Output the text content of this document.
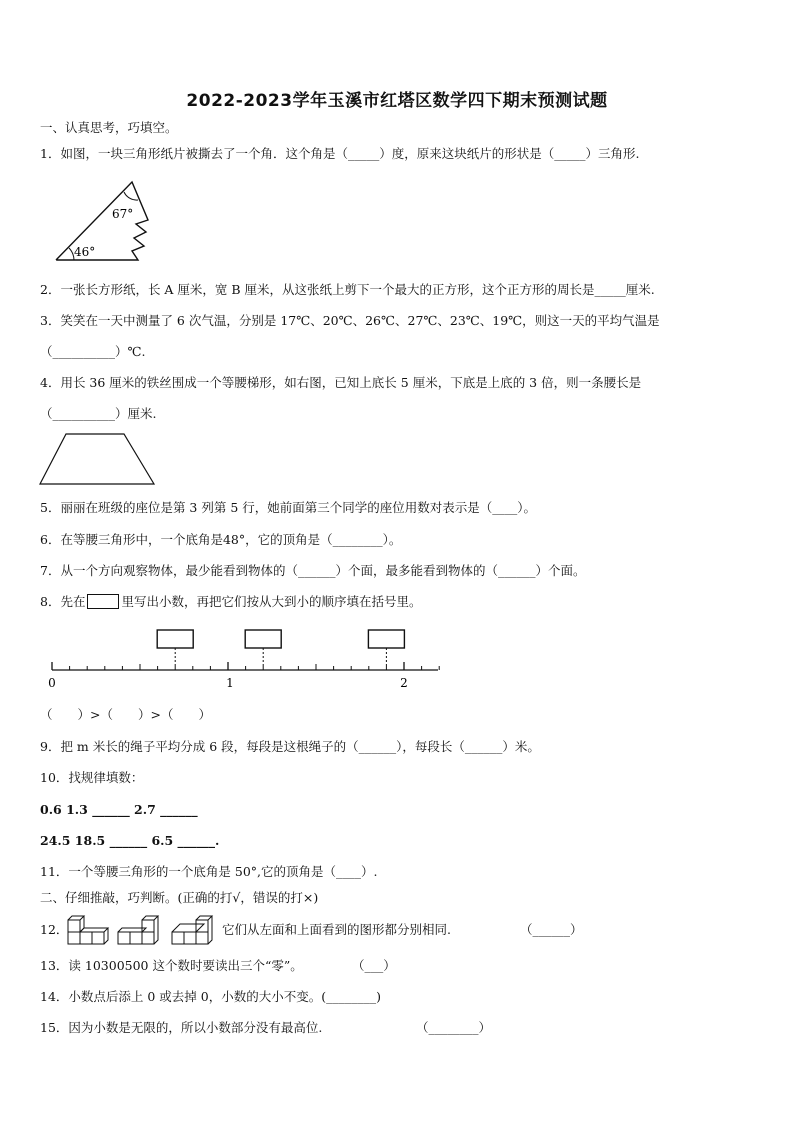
2022-2023学年玉溪市红塔区数学四下期末预测试题
一、认真思考，巧填空。
1．如图，一块三角形纸片被撕去了一个角．这个角是（_____）度，原来这块纸片的形状是（_____）三角形.
67°
46°
2．一张长方形纸，长 A 厘米，宽 B 厘米，从这张纸上剪下一个最大的正方形，这个正方形的周长是_____厘米.
3．笑笑在一天中测量了 6 次气温，分别是 17℃、20℃、26℃、27℃、23℃、19℃，则这一天的平均气温是
（__________）℃.
4．用长 36 厘米的铁丝围成一个等腰梯形，如右图，已知上底长 5 厘米，下底是上底的 3 倍，则一条腰长是
（__________）厘米.
5．丽丽在班级的座位是第 3 列第 5 行，她前面第三个同学的座位用数对表示是（____）。
6．在等腰三角形中，一个底角是48°，它的顶角是（________）。
7．从一个方向观察物体，最少能看到物体的（______）个面，最多能看到物体的（______）个面。
8．先在	里写出小数，再把它们按从大到小的顺序填在括号里。
0	1	2
（　　）>（　　）>（　　）
9．把 m 米长的绳子平均分成 6 段，每段是这根绳子的（______），每段长（______）米。
10．找规律填数：
0.6 1.3 ______ 2.7 ______
24.5 18.5 ______ 6.5 ______.
11．一个等腰三角形的一个底角是 50°,它的顶角是（____）.
二、仔细推敲，巧判断。(正确的打√，错误的打×)
12．	它们从左面和上面看到的图形都分别相同.	（______）
13．读 10300500 这个数时要读出三个“零”。	（___）
14．小数点后添上 0 或去掉 0，小数的大小不变。(________)
15．因为小数是无限的，所以小数部分没有最高位.	（________）
